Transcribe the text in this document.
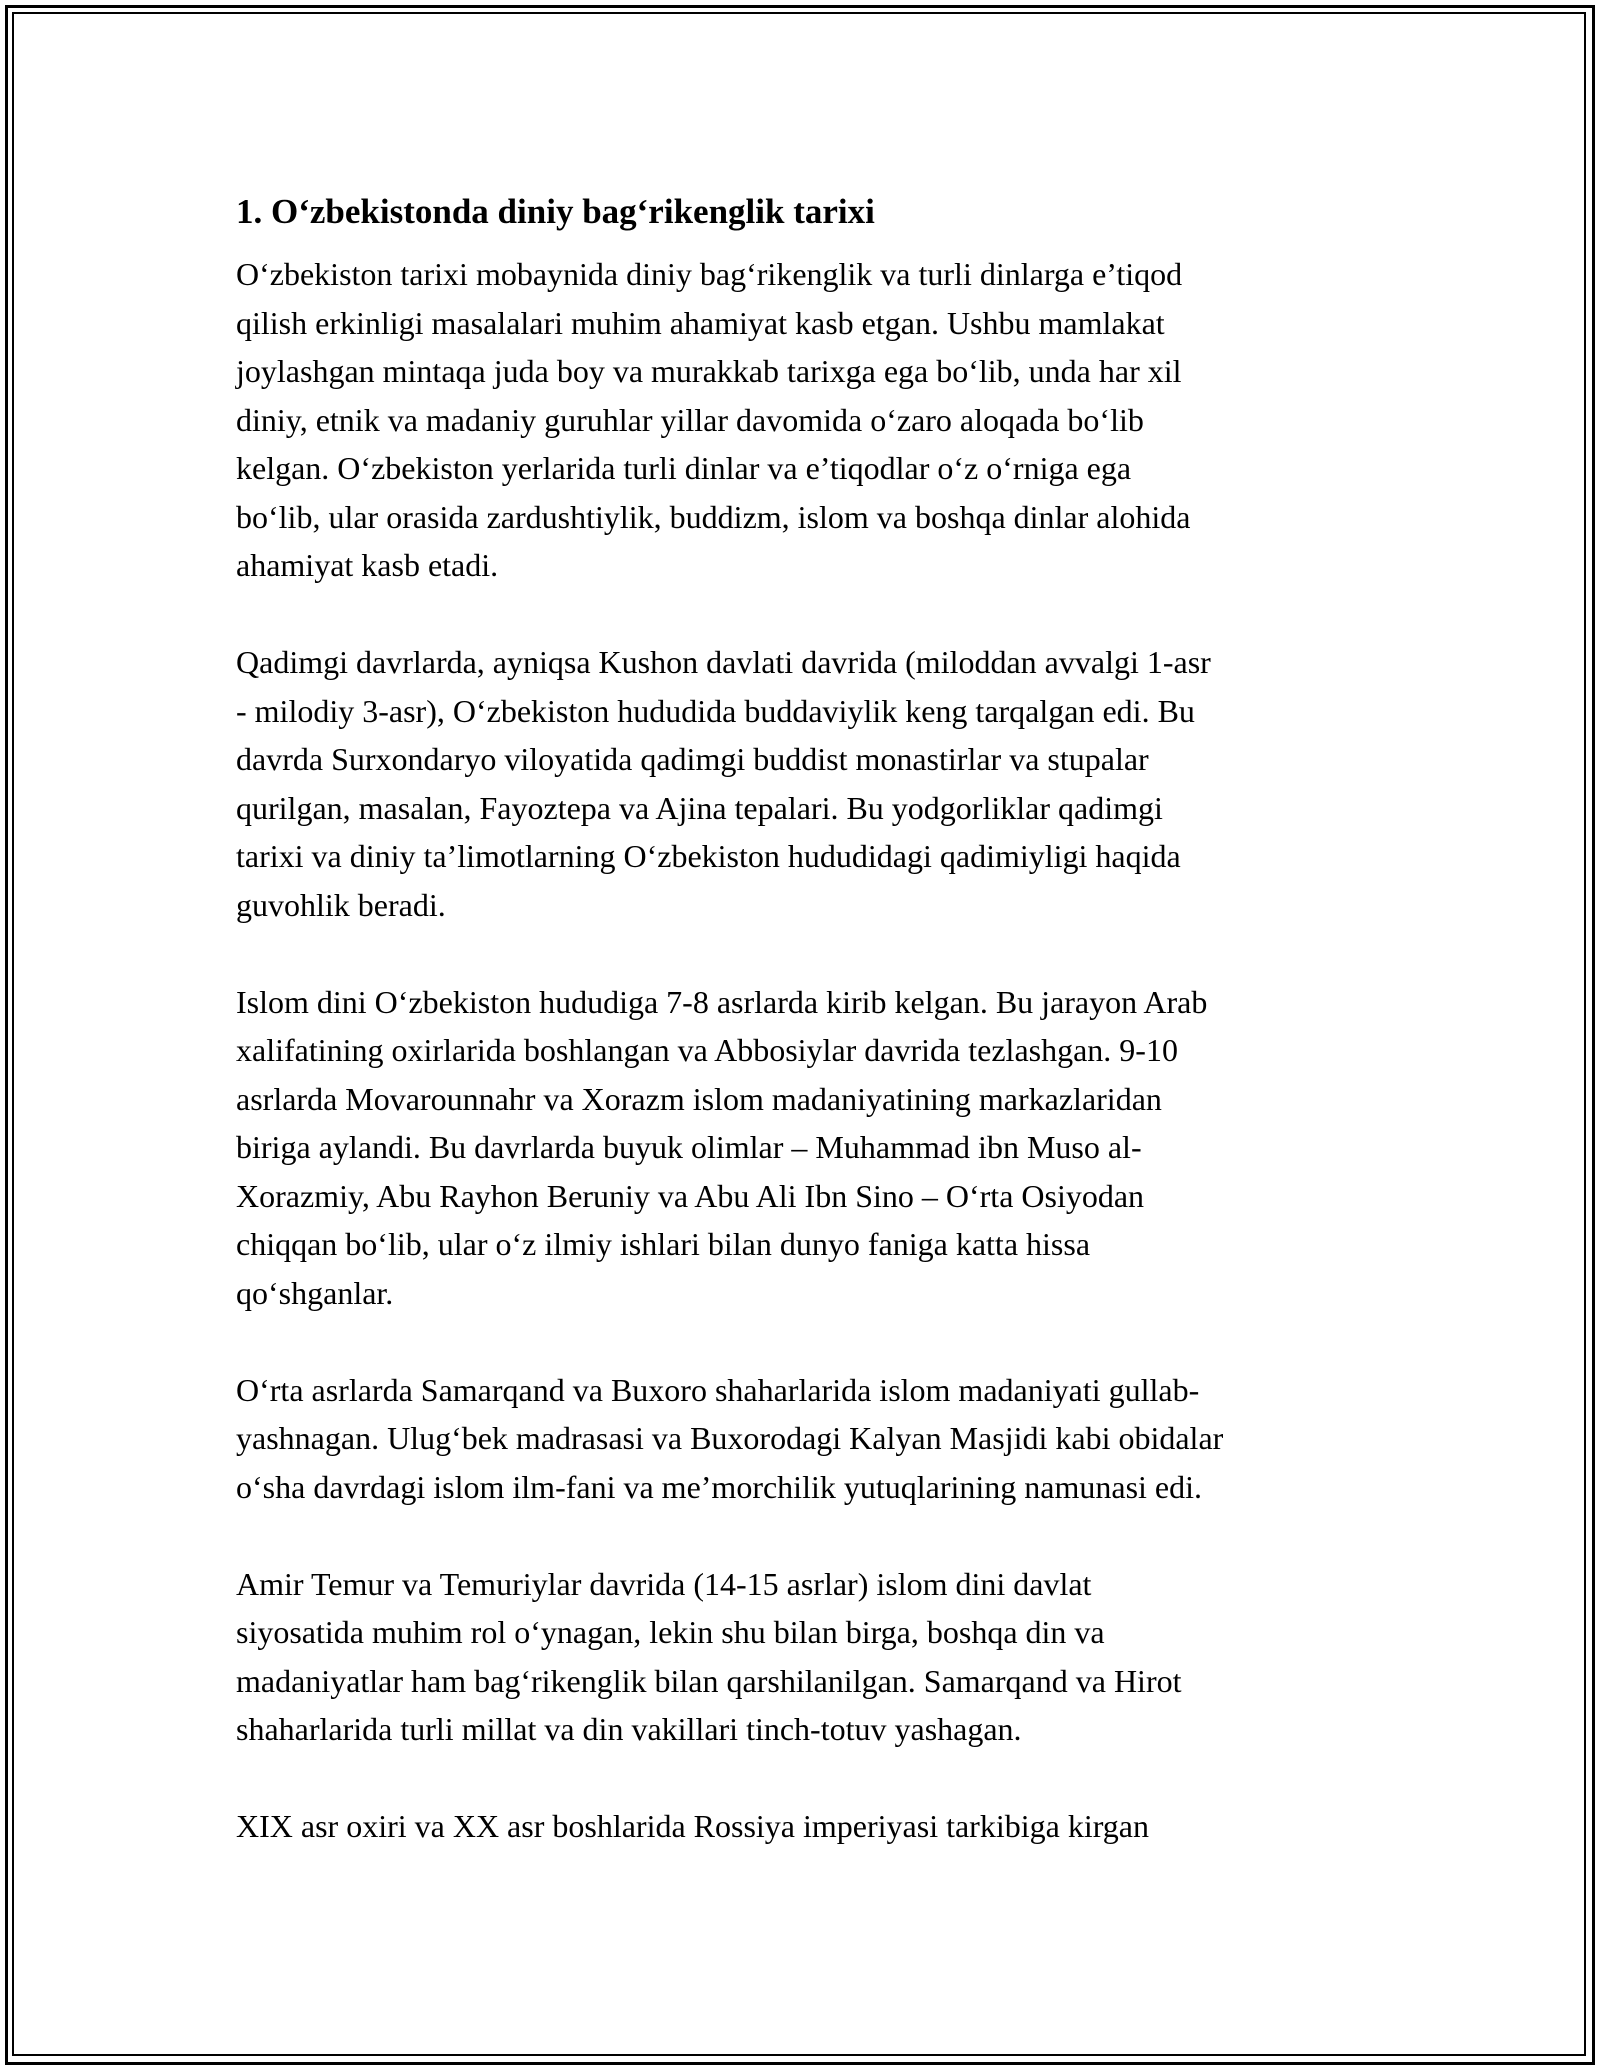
1. O‘zbekistonda diniy bag‘rikenglik tarixi

O‘zbekiston tarixi mobaynida diniy bag‘rikenglik va turli dinlarga e’tiqod
qilish erkinligi masalalari muhim ahamiyat kasb etgan. Ushbu mamlakat
joylashgan mintaqa juda boy va murakkab tarixga ega bo‘lib, unda har xil
diniy, etnik va madaniy guruhlar yillar davomida o‘zaro aloqada bo‘lib
kelgan. O‘zbekiston yerlarida turli dinlar va e’tiqodlar o‘z o‘rniga ega
bo‘lib, ular orasida zardushtiylik, buddizm, islom va boshqa dinlar alohida
ahamiyat kasb etadi.

Qadimgi davrlarda, ayniqsa Kushon davlati davrida (miloddan avvalgi 1-asr
- milodiy 3-asr), O‘zbekiston hududida buddaviylik keng tarqalgan edi. Bu
davrda Surxondaryo viloyatida qadimgi buddist monastirlar va stupalar
qurilgan, masalan, Fayoztepa va Ajina tepalari. Bu yodgorliklar qadimgi
tarixi va diniy ta’limotlarning O‘zbekiston hududidagi qadimiyligi haqida
guvohlik beradi.

Islom dini O‘zbekiston hududiga 7-8 asrlarda kirib kelgan. Bu jarayon Arab
xalifatining oxirlarida boshlangan va Abbosiylar davrida tezlashgan. 9-10
asrlarda Movarounnahr va Xorazm islom madaniyatining markazlaridan
biriga aylandi. Bu davrlarda buyuk olimlar – Muhammad ibn Muso al-
Xorazmiy, Abu Rayhon Beruniy va Abu Ali Ibn Sino – O‘rta Osiyodan
chiqqan bo‘lib, ular o‘z ilmiy ishlari bilan dunyo faniga katta hissa
qo‘shganlar.

O‘rta asrlarda Samarqand va Buxoro shaharlarida islom madaniyati gullab-
yashnagan. Ulug‘bek madrasasi va Buxorodagi Kalyan Masjidi kabi obidalar
o‘sha davrdagi islom ilm-fani va me’morchilik yutuqlarining namunasi edi.

Amir Temur va Temuriylar davrida (14-15 asrlar) islom dini davlat
siyosatida muhim rol o‘ynagan, lekin shu bilan birga, boshqa din va
madaniyatlar ham bag‘rikenglik bilan qarshilanilgan. Samarqand va Hirot
shaharlarida turli millat va din vakillari tinch-totuv yashagan.

XIX asr oxiri va XX asr boshlarida Rossiya imperiyasi tarkibiga kirgan
